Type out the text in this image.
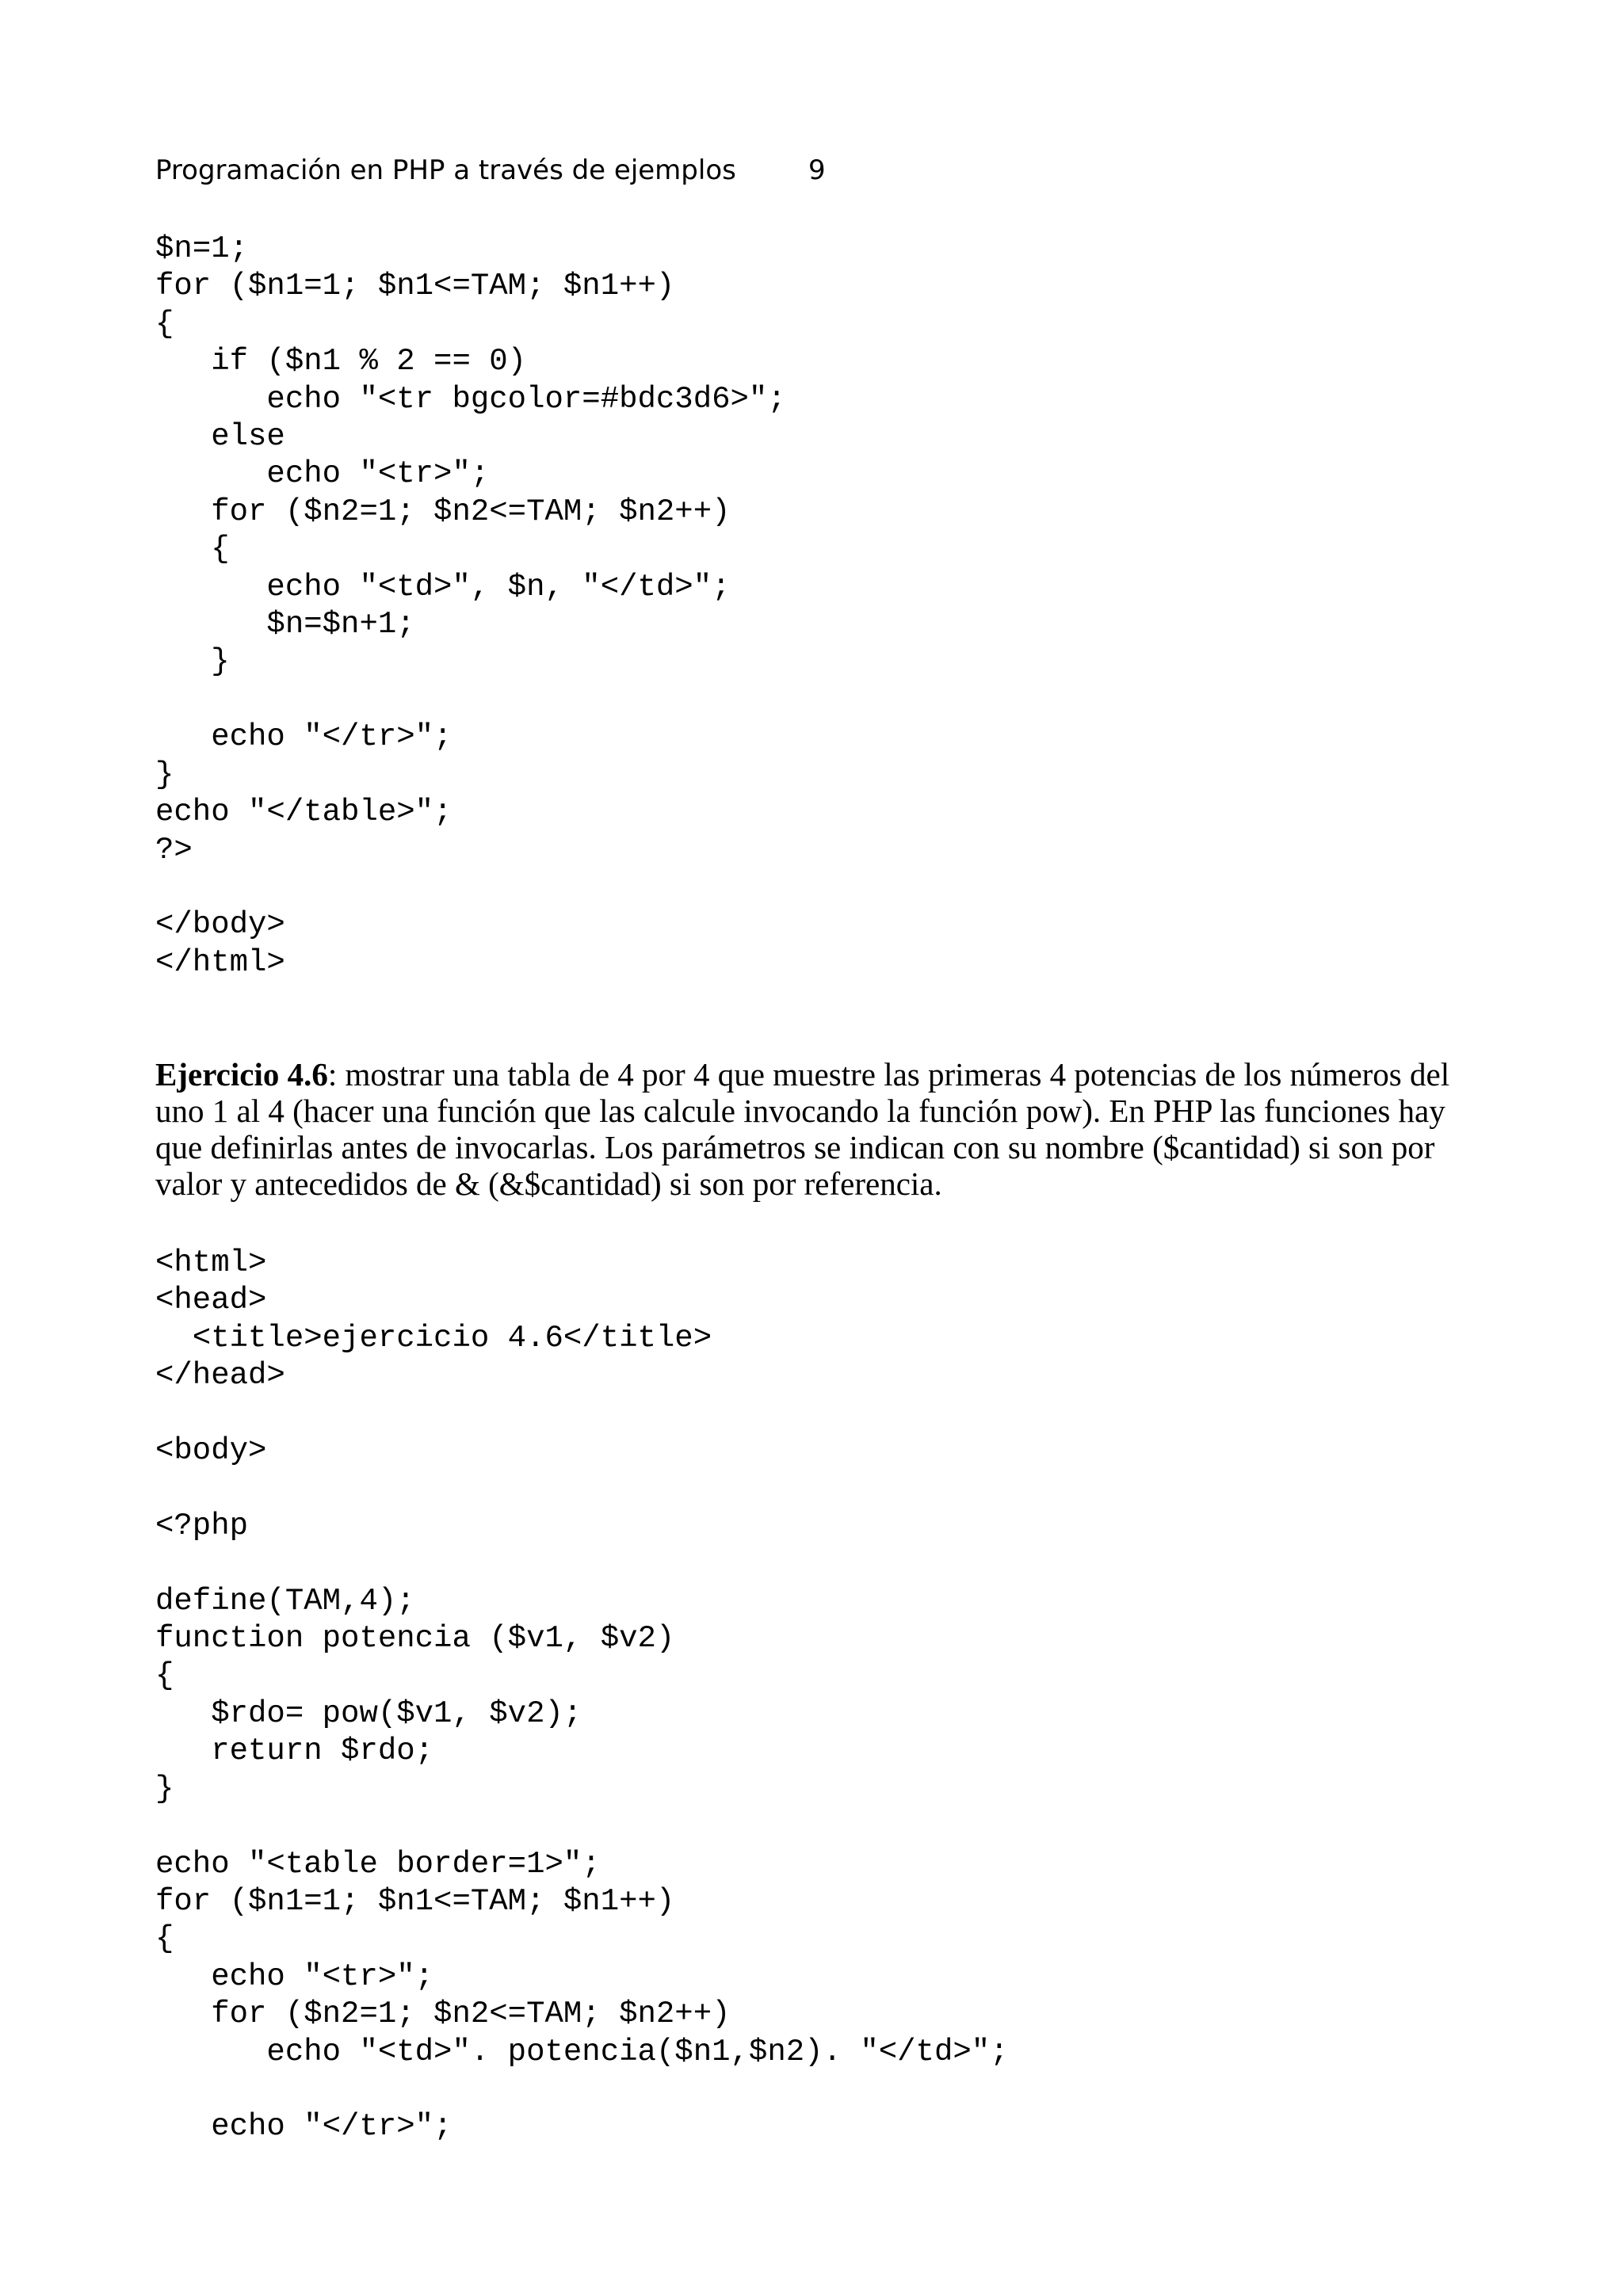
Programación en PHP a través de ejemplos	9
$n=1;
for ($n1=1; $n1<=TAM; $n1++)
{
if ($n1 % 2 == 0)
echo "<tr bgcolor=#bdc3d6>";
else
echo "<tr>";
for ($n2=1; $n2<=TAM; $n2++)
{
echo "<td>", $n, "</td>";
$n=$n+1;
}

echo "</tr>";
}
echo "</table>";
?>

</body>
</html>
Ejercicio 4.6: mostrar una tabla de 4 por 4 que muestre las primeras 4 potencias de los números del
uno 1 al 4 (hacer una función que las calcule invocando la función pow). En PHP las funciones hay
que definirlas antes de invocarlas. Los parámetros se indican con su nombre ($cantidad) si son por
valor y antecedidos de & (&$cantidad) si son por referencia.
<html>
<head>
<title>ejercicio 4.6</title>
</head>

<body>

<?php

define(TAM,4);
function potencia ($v1, $v2)
{
$rdo= pow($v1, $v2);
return $rdo;
}

echo "<table border=1>";
for ($n1=1; $n1<=TAM; $n1++)
{
echo "<tr>";
for ($n2=1; $n2<=TAM; $n2++)
echo "<td>". potencia($n1,$n2). "</td>";

echo "</tr>";
